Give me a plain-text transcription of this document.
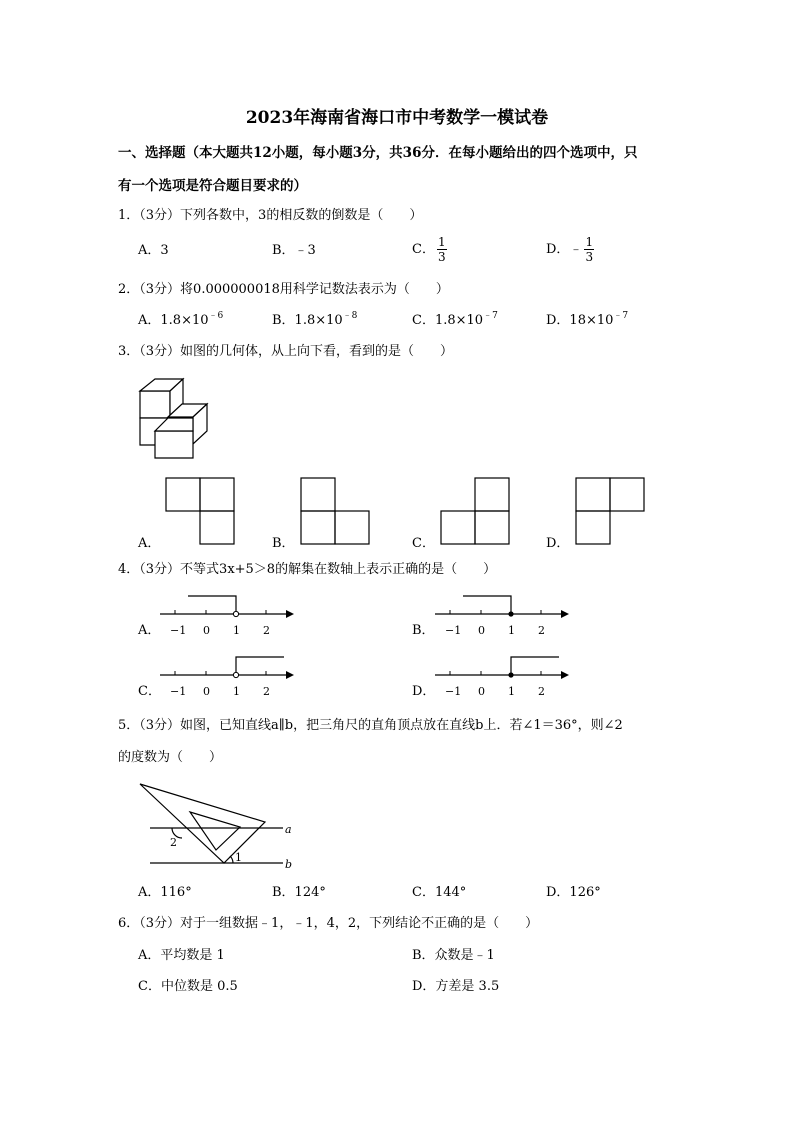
2023年海南省海口市中考数学一模试卷
一、选择题（本大题共12小题，每小题3分，共36分．在每小题给出的四个选项中，只
有一个选项是符合题目要求的）
1．（3分）下列各数中，3的相反数的倒数是（　　）
A．3	B．﹣3	C． $\frac{1}{3}$	D．﹣ $\frac{1}{3}$
2．（3分）将0.000000018用科学记数法表示为（　　）
A．$1.8\times 10^{﹣6}$	B．$1.8\times 10^{﹣8}$	C．$1.8\times 10^{﹣7}$	D．$18\times 10^{﹣7}$
3．（3分）如图的几何体，从上向下看，看到的是（　　）
A．	B．	C．	D．
4．（3分）不等式3x+5＞8的解集在数轴上表示正确的是（　　）
A．	B．
C．	D．
−1 0 1 2	−1 0 1 2
−1 0 1 2	−1 0 1 2
5．（3分）如图，已知直线a∥b，把三角尺的直角顶点放在直线b上．若∠1＝36°，则∠2
的度数为（　　）
a
b
1
2
A．116°	B．124°	C．144°	D．126°
6．（3分）对于一组数据﹣1，﹣1，4，2，下列结论不正确的是（　　）
A．平均数是 1	B．众数是﹣1
C．中位数是 0.5	D．方差是 3.5
